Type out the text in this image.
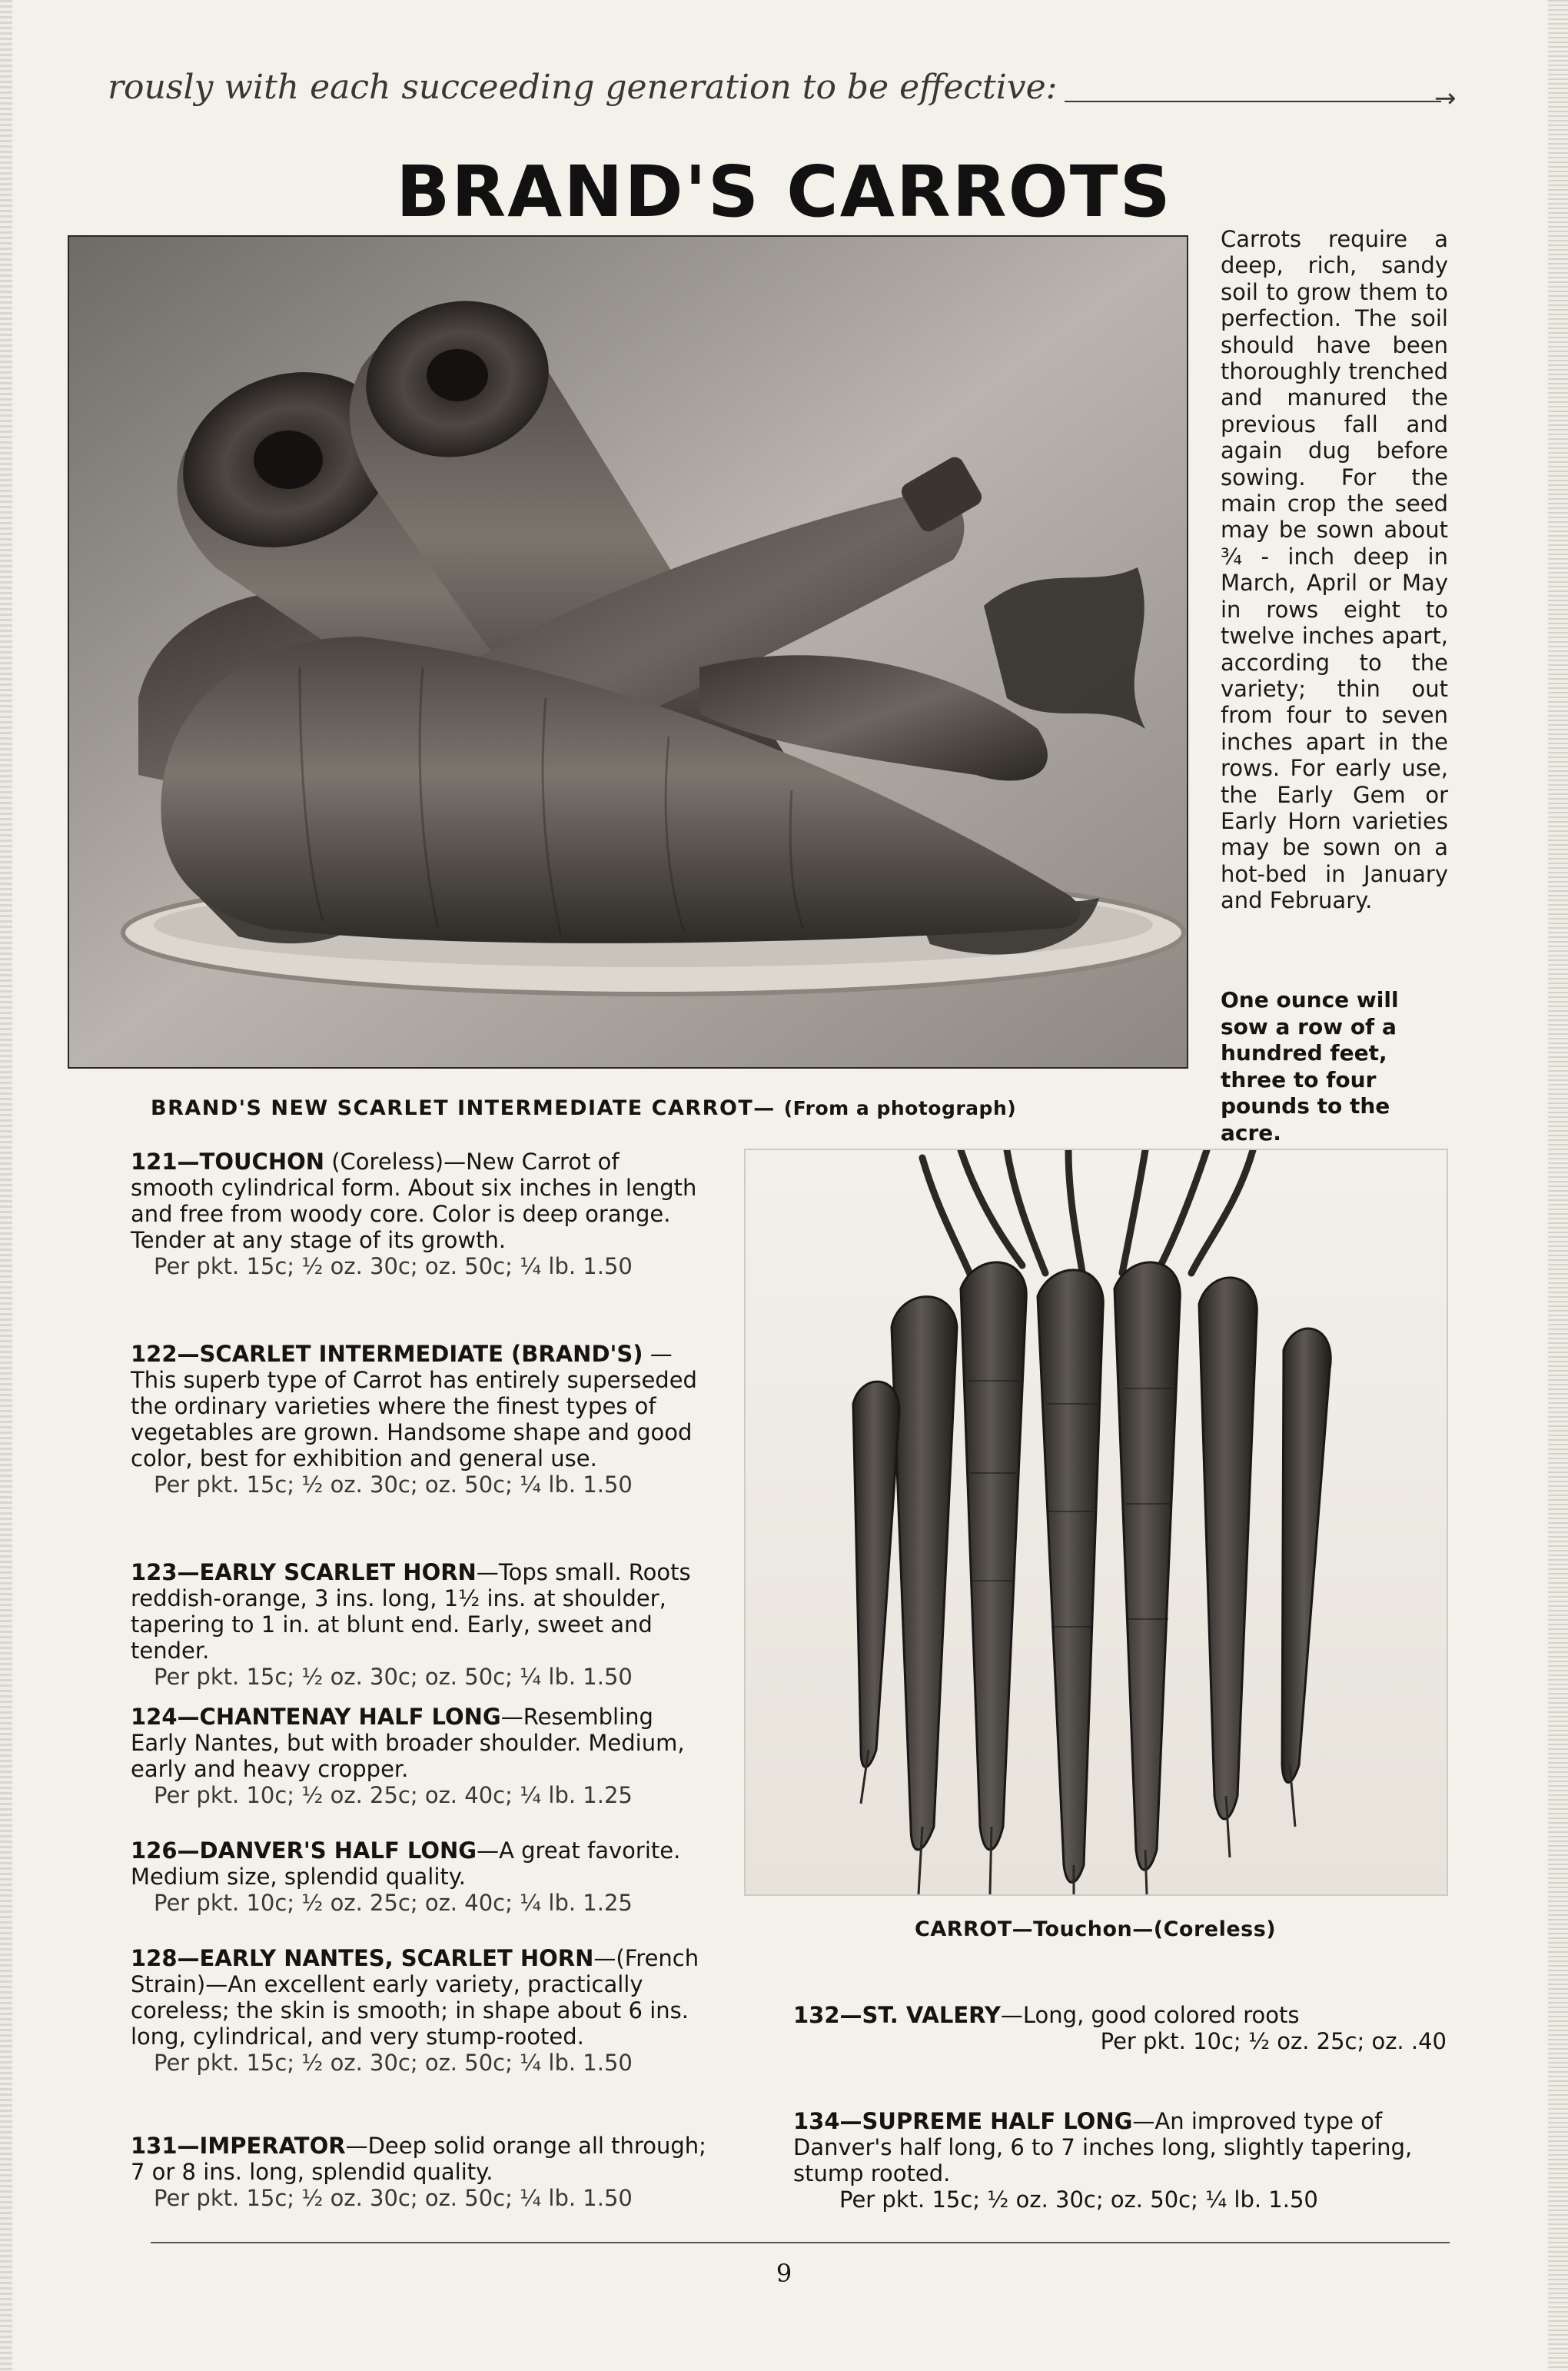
rously with each succeeding generation to be effective:	→
BRAND'S CARROTS
Carrots require a deep, rich, sandy soil to grow them to perfection. The soil should have been thoroughly trenched and manured the previous fall and again dug before sowing. For the main crop the seed may be sown about ¾ - inch deep in March, April or May in rows eight to twelve inches apart, according to the variety; thin out from four to seven inches apart in the rows. For early use, the Early Gem or Early Horn varieties may be sown on a hot-bed in January and February.
One ounce will sow a row of a hundred feet, three to four pounds to the acre.
BRAND'S NEW SCARLET INTERMEDIATE CARROT— (From a photograph)
121—TOUCHON (Coreless)—New Carrot of smooth cylindrical form. About six inches in length and free from woody core. Color is deep orange. Tender at any stage of its growth.
Per pkt. 15c; ½ oz. 30c; oz. 50c; ¼ lb. 1.50
122—SCARLET INTERMEDIATE (BRAND'S) —This superb type of Carrot has entirely superseded the ordinary varieties where the finest types of vegetables are grown. Handsome shape and good color, best for exhibition and general use.
Per pkt. 15c; ½ oz. 30c; oz. 50c; ¼ lb. 1.50
123—EARLY SCARLET HORN—Tops small. Roots reddish-orange, 3 ins. long, 1½ ins. at shoulder, tapering to 1 in. at blunt end. Early, sweet and tender.
Per pkt. 15c; ½ oz. 30c; oz. 50c; ¼ lb. 1.50
124—CHANTENAY HALF LONG—Resembling Early Nantes, but with broader shoulder. Medium, early and heavy cropper.
Per pkt. 10c; ½ oz. 25c; oz. 40c; ¼ lb. 1.25
126—DANVER'S HALF LONG—A great favorite. Medium size, splendid quality.
Per pkt. 10c; ½ oz. 25c; oz. 40c; ¼ lb. 1.25
128—EARLY NANTES, SCARLET HORN—(French Strain)—An excellent early variety, practically coreless; the skin is smooth; in shape about 6 ins. long, cylindrical, and very stump-rooted.
Per pkt. 15c; ½ oz. 30c; oz. 50c; ¼ lb. 1.50
131—IMPERATOR—Deep solid orange all through; 7 or 8 ins. long, splendid quality.
Per pkt. 15c; ½ oz. 30c; oz. 50c; ¼ lb. 1.50
CARROT—Touchon—(Coreless)
132—ST. VALERY—Long, good colored roots
Per pkt. 10c; ½ oz. 25c; oz. .40
134—SUPREME HALF LONG—An improved type of Danver's half long, 6 to 7 inches long, slightly tapering, stump rooted.
Per pkt. 15c; ½ oz. 30c; oz. 50c; ¼ lb. 1.50
9
